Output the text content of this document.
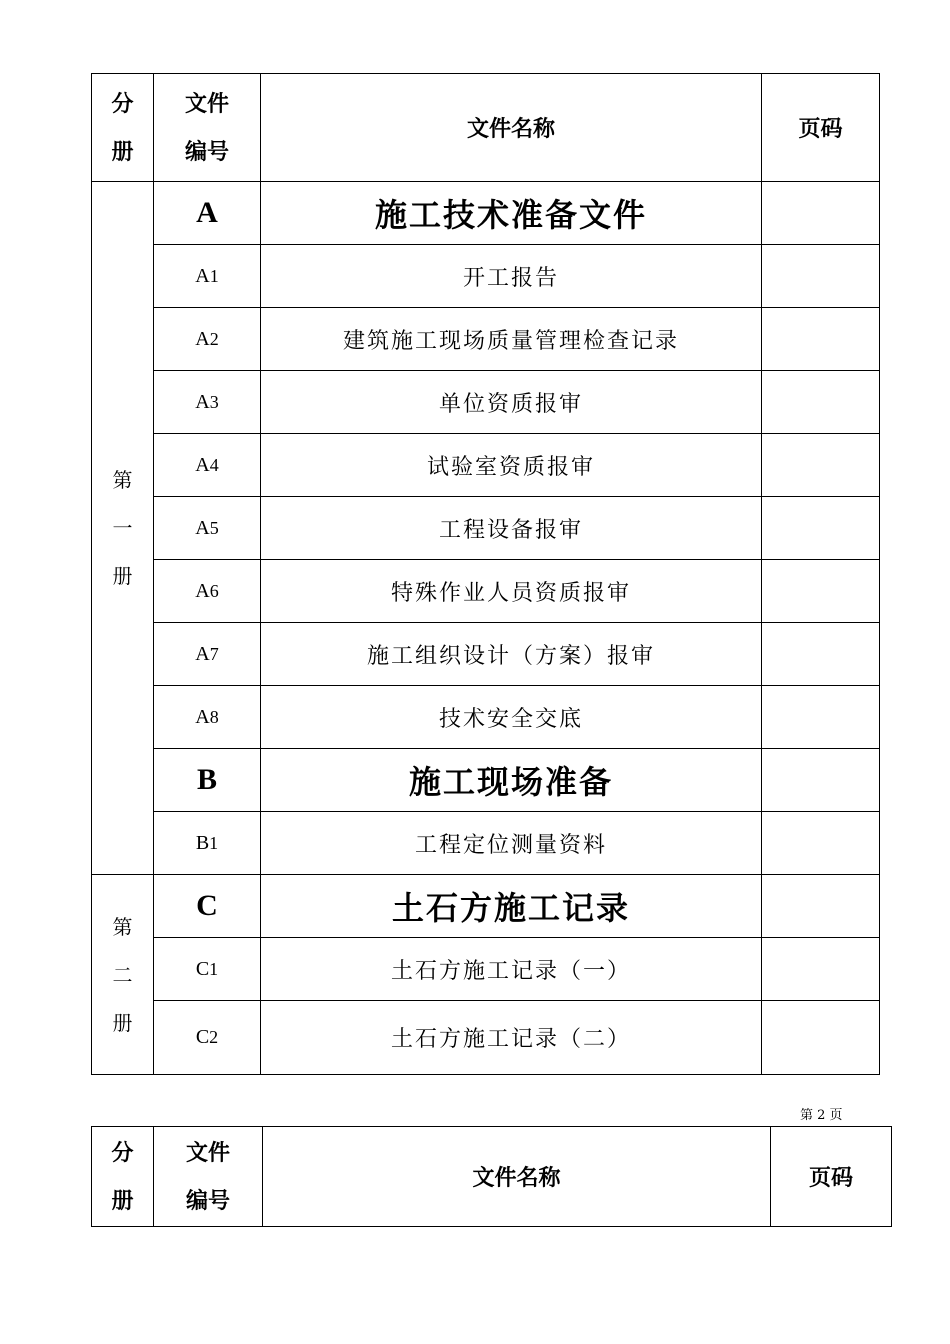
分册	文件编号	文件名称	页码
第一册	A	施工技术准备文件	
	A1	开工报告	
	A2	建筑施工现场质量管理检查记录	
	A3	单位资质报审	
	A4	试验室资质报审	
	A5	工程设备报审	
	A6	特殊作业人员资质报审	
	A7	施工组织设计（方案）报审	
	A8	技术安全交底	
	B	施工现场准备	
	B1	工程定位测量资料	
第二册	C	土石方施工记录	
	C1	土石方施工记录（一）	
	C2	土石方施工记录（二）	
第 2 页
分册	文件编号	文件名称	页码
